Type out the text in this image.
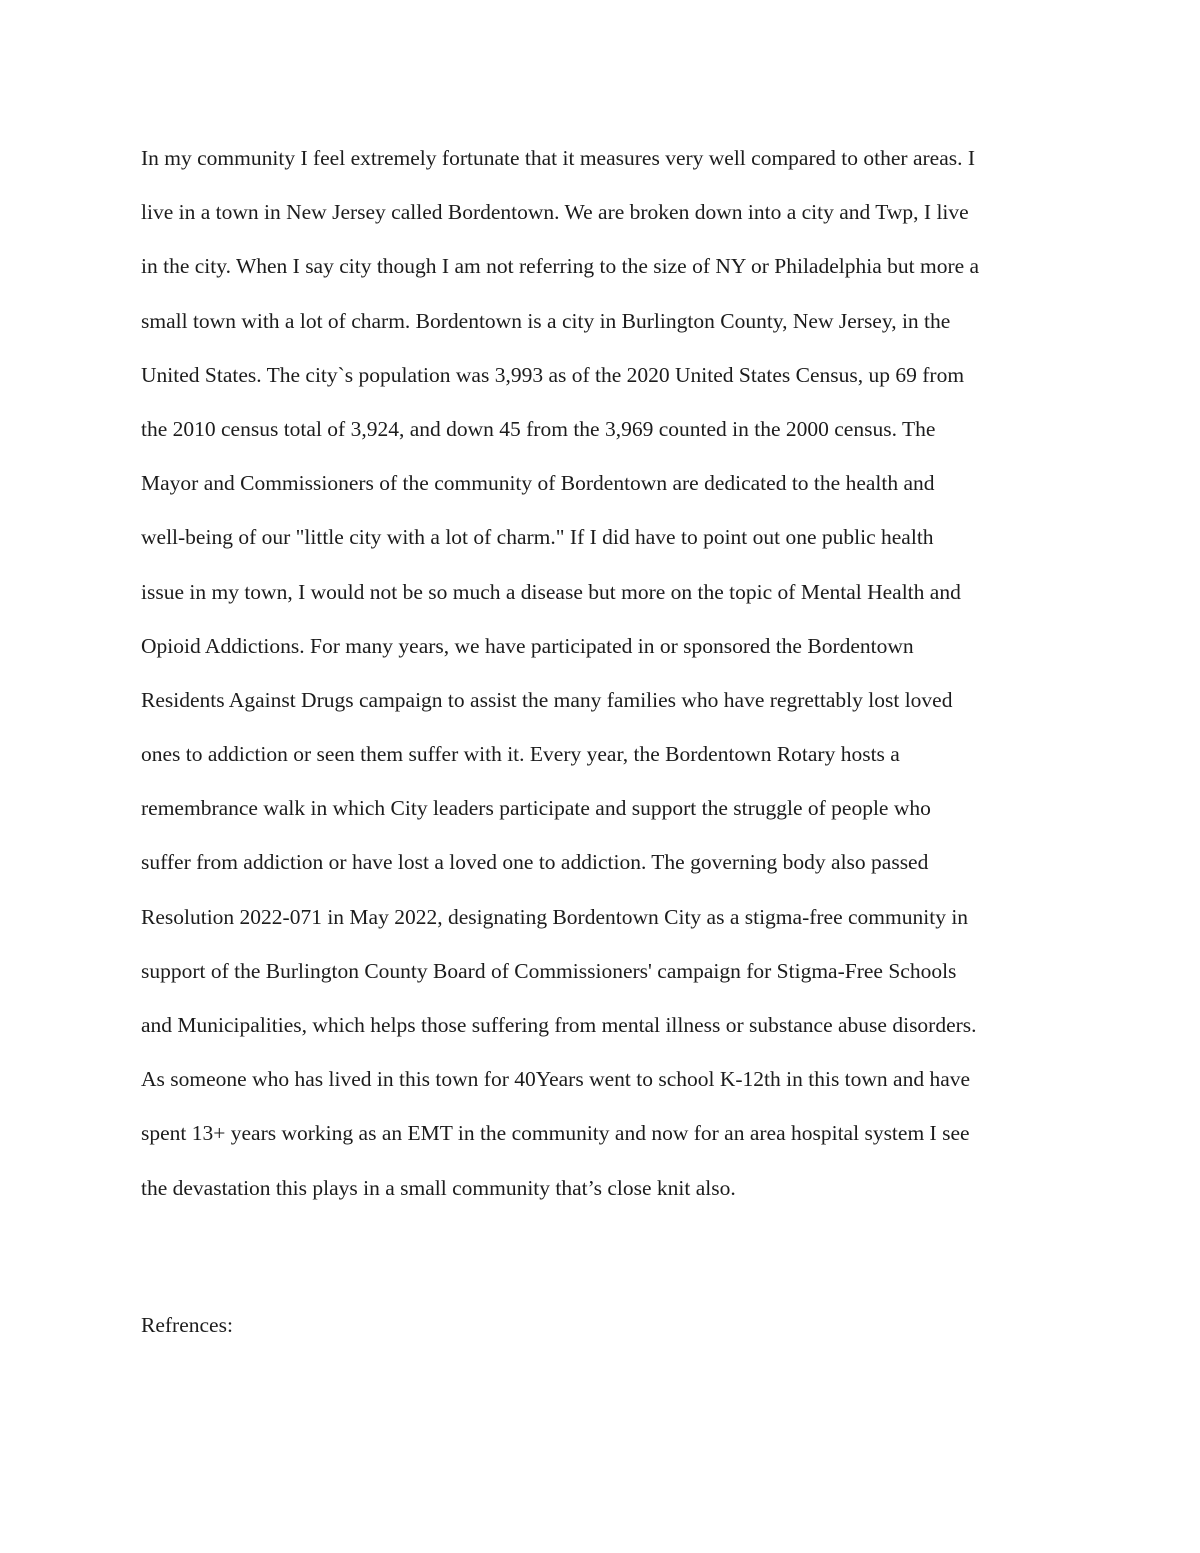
In my community I feel extremely fortunate that it measures very well compared to other areas. I
live in a town in New Jersey called Bordentown. We are broken down into a city and Twp, I live
in the city. When I say city though I am not referring to the size of NY or Philadelphia but more a
small town with a lot of charm. Bordentown is a city in Burlington County, New Jersey, in the
United States. The city`s population was 3,993 as of the 2020 United States Census, up 69 from
the 2010 census total of 3,924, and down 45 from the 3,969 counted in the 2000 census. The
Mayor and Commissioners of the community of Bordentown are dedicated to the health and
well-being of our "little city with a lot of charm." If I did have to point out one public health
issue in my town, I would not be so much a disease but more on the topic of Mental Health and
Opioid Addictions. For many years, we have participated in or sponsored the Bordentown
Residents Against Drugs campaign to assist the many families who have regrettably lost loved
ones to addiction or seen them suffer with it. Every year, the Bordentown Rotary hosts a
remembrance walk in which City leaders participate and support the struggle of people who
suffer from addiction or have lost a loved one to addiction. The governing body also passed
Resolution 2022-071 in May 2022, designating Bordentown City as a stigma-free community in
support of the Burlington County Board of Commissioners' campaign for Stigma-Free Schools
and Municipalities, which helps those suffering from mental illness or substance abuse disorders.
As someone who has lived in this town for 40Years went to school K-12th in this town and have
spent 13+ years working as an EMT in the community and now for an area hospital system I see
the devastation this plays in a small community that’s close knit also.

Refrences:
